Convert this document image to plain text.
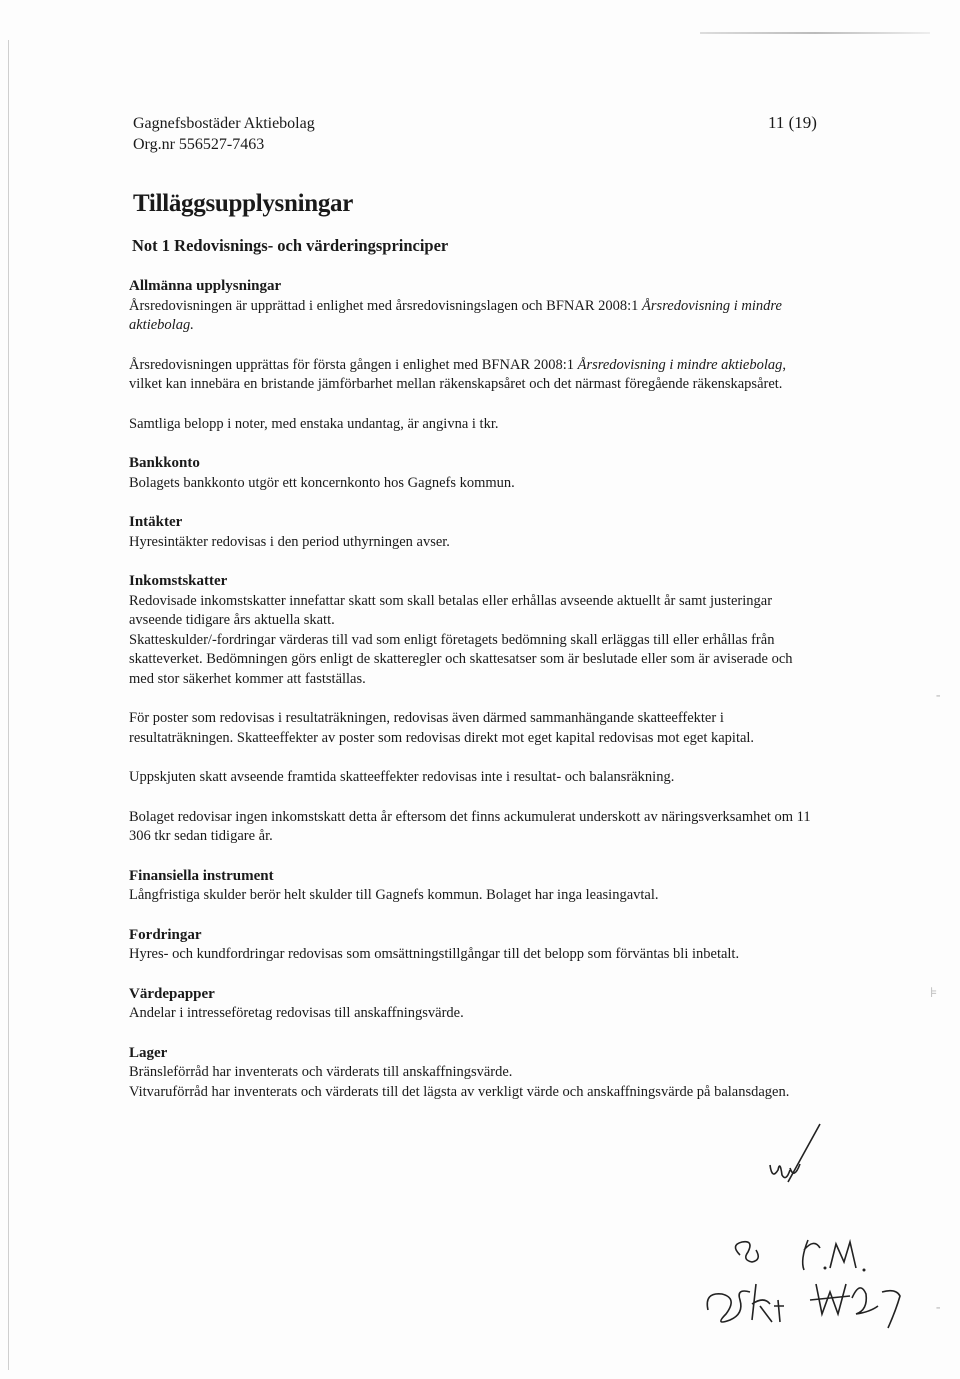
Gagnefsbostäder Aktiebolag
Org.nr 556527-7463
11 (19)
Tilläggsupplysningar
Not 1 Redovisnings- och värderingsprinciper
Allmänna upplysningar

Årsredovisningen är upprättad i enlighet med årsredovisningslagen och BFNAR 2008:1 Årsredovisning i mindre aktiebolag.

Årsredovisningen upprättas för första gången i enlighet med BFNAR 2008:1 Årsredovisning i mindre aktiebolag, vilket kan innebära en bristande jämförbarhet mellan räkenskapsåret och det närmast föregående räkenskapsåret.

Samtliga belopp i noter, med enstaka undantag, är angivna i tkr.

Bankkonto

Bolagets bankkonto utgör ett koncernkonto hos Gagnefs kommun.

Intäkter

Hyresintäkter redovisas i den period uthyrningen avser.

Inkomstskatter

Redovisade inkomstskatter innefattar skatt som skall betalas eller erhållas avseende aktuellt år samt justeringar avseende tidigare års aktuella skatt.

Skatteskulder/-fordringar värderas till vad som enligt företagets bedömning skall erläggas till eller erhållas från skatteverket. Bedömningen görs enligt de skatteregler och skattesatser som är beslutade eller som är aviserade och med stor säkerhet kommer att fastställas.

För poster som redovisas i resultaträkningen, redovisas även därmed sammanhängande skatteeffekter i resultaträkningen. Skatteeffekter av poster som redovisas direkt mot eget kapital redovisas mot eget kapital.

Uppskjuten skatt avseende framtida skatteeffekter redovisas inte i resultat- och balansräkning.

Bolaget redovisar ingen inkomstskatt detta år eftersom det finns ackumulerat underskott av näringsverksamhet om 11 306 tkr sedan tidigare år.

Finansiella instrument

Långfristiga skulder berör helt skulder till Gagnefs kommun. Bolaget har inga leasingavtal.

Fordringar

Hyres- och kundfordringar redovisas som omsättningstillgångar till det belopp som förväntas bli inbetalt.

Värdepapper

Andelar i intresseföretag redovisas till anskaffningsvärde.

Lager

Bränsleförråd har inventerats och värderats till anskaffningsvärde.

Vitvaruförråd har inventerats och värderats till det lägsta av verkligt värde och anskaffningsvärde på balansdagen.

⊧
-
-
